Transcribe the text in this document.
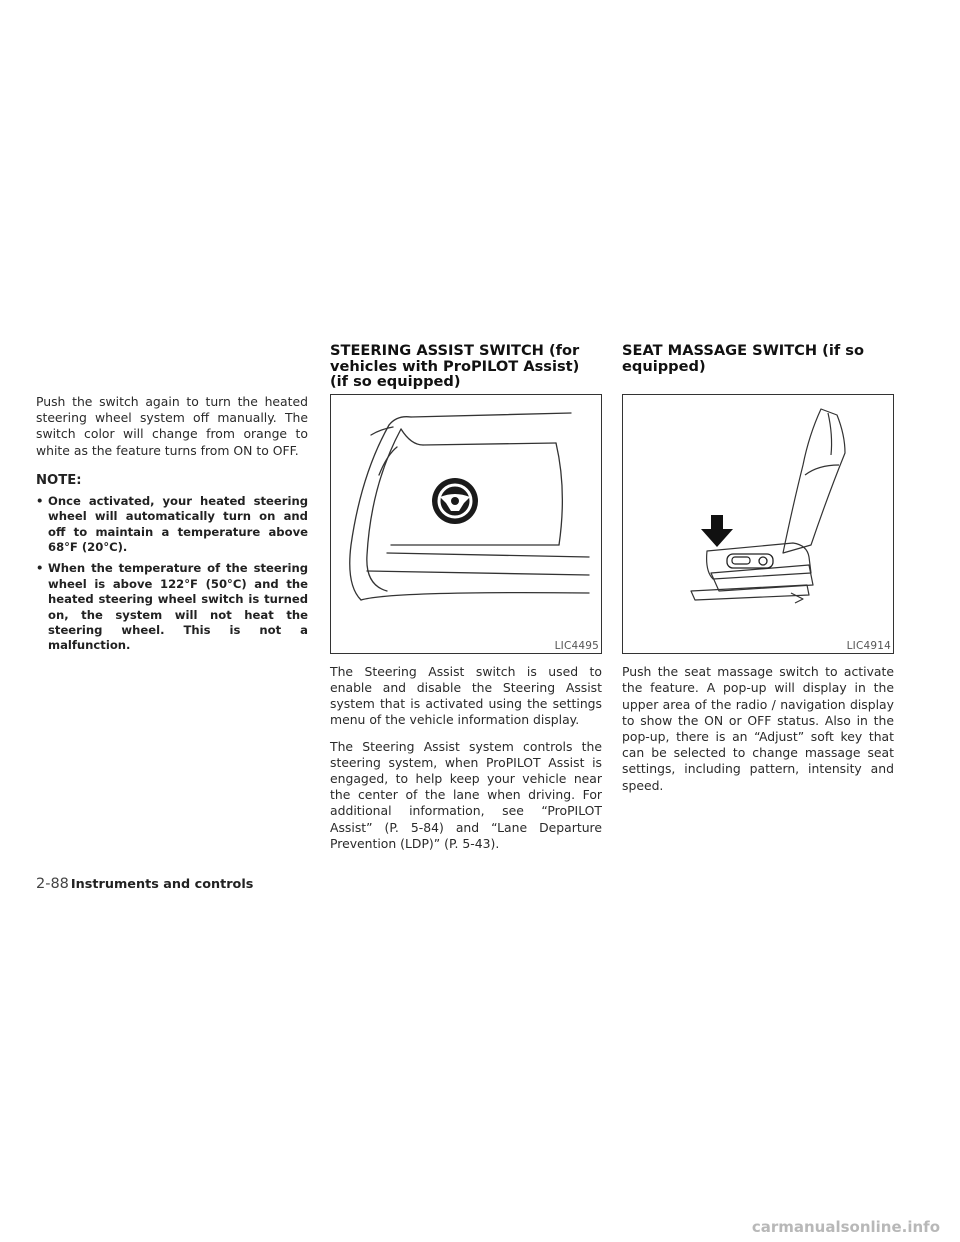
Push the switch again to turn the heated steering wheel system off manually. The switch color will change from orange to white as the feature turns from ON to OFF.

NOTE:
• Once activated, your heated steering wheel will automatically turn on and off to maintain a temperature above 68°F (20°C).
• When the temperature of the steering wheel is above 122°F (50°C) and the heated steering wheel switch is turned on, the system will not heat the steering wheel. This is not a malfunction.
STEERING ASSIST SWITCH (for vehicles with ProPILOT Assist) (if so equipped)
LIC4495

The Steering Assist switch is used to enable and disable the Steering Assist system that is activated using the settings menu of the vehicle information display.

The Steering Assist system controls the steering system, when ProPILOT Assist is engaged, to help keep your vehicle near the center of the lane when driving. For additional information, see “ProPILOT Assist” (P. 5-84) and “Lane Departure Prevention (LDP)” (P. 5-43).

SEAT MASSAGE SWITCH (if so equipped)
LIC4914

Push the seat massage switch to activate the feature. A pop-up will display in the upper area of the radio / navigation display to show the ON or OFF status. Also in the pop-up, there is an “Adjust” soft key that can be selected to change massage seat settings, including pattern, intensity and speed.

2-88 Instruments and controls
carmanualsonline.info
